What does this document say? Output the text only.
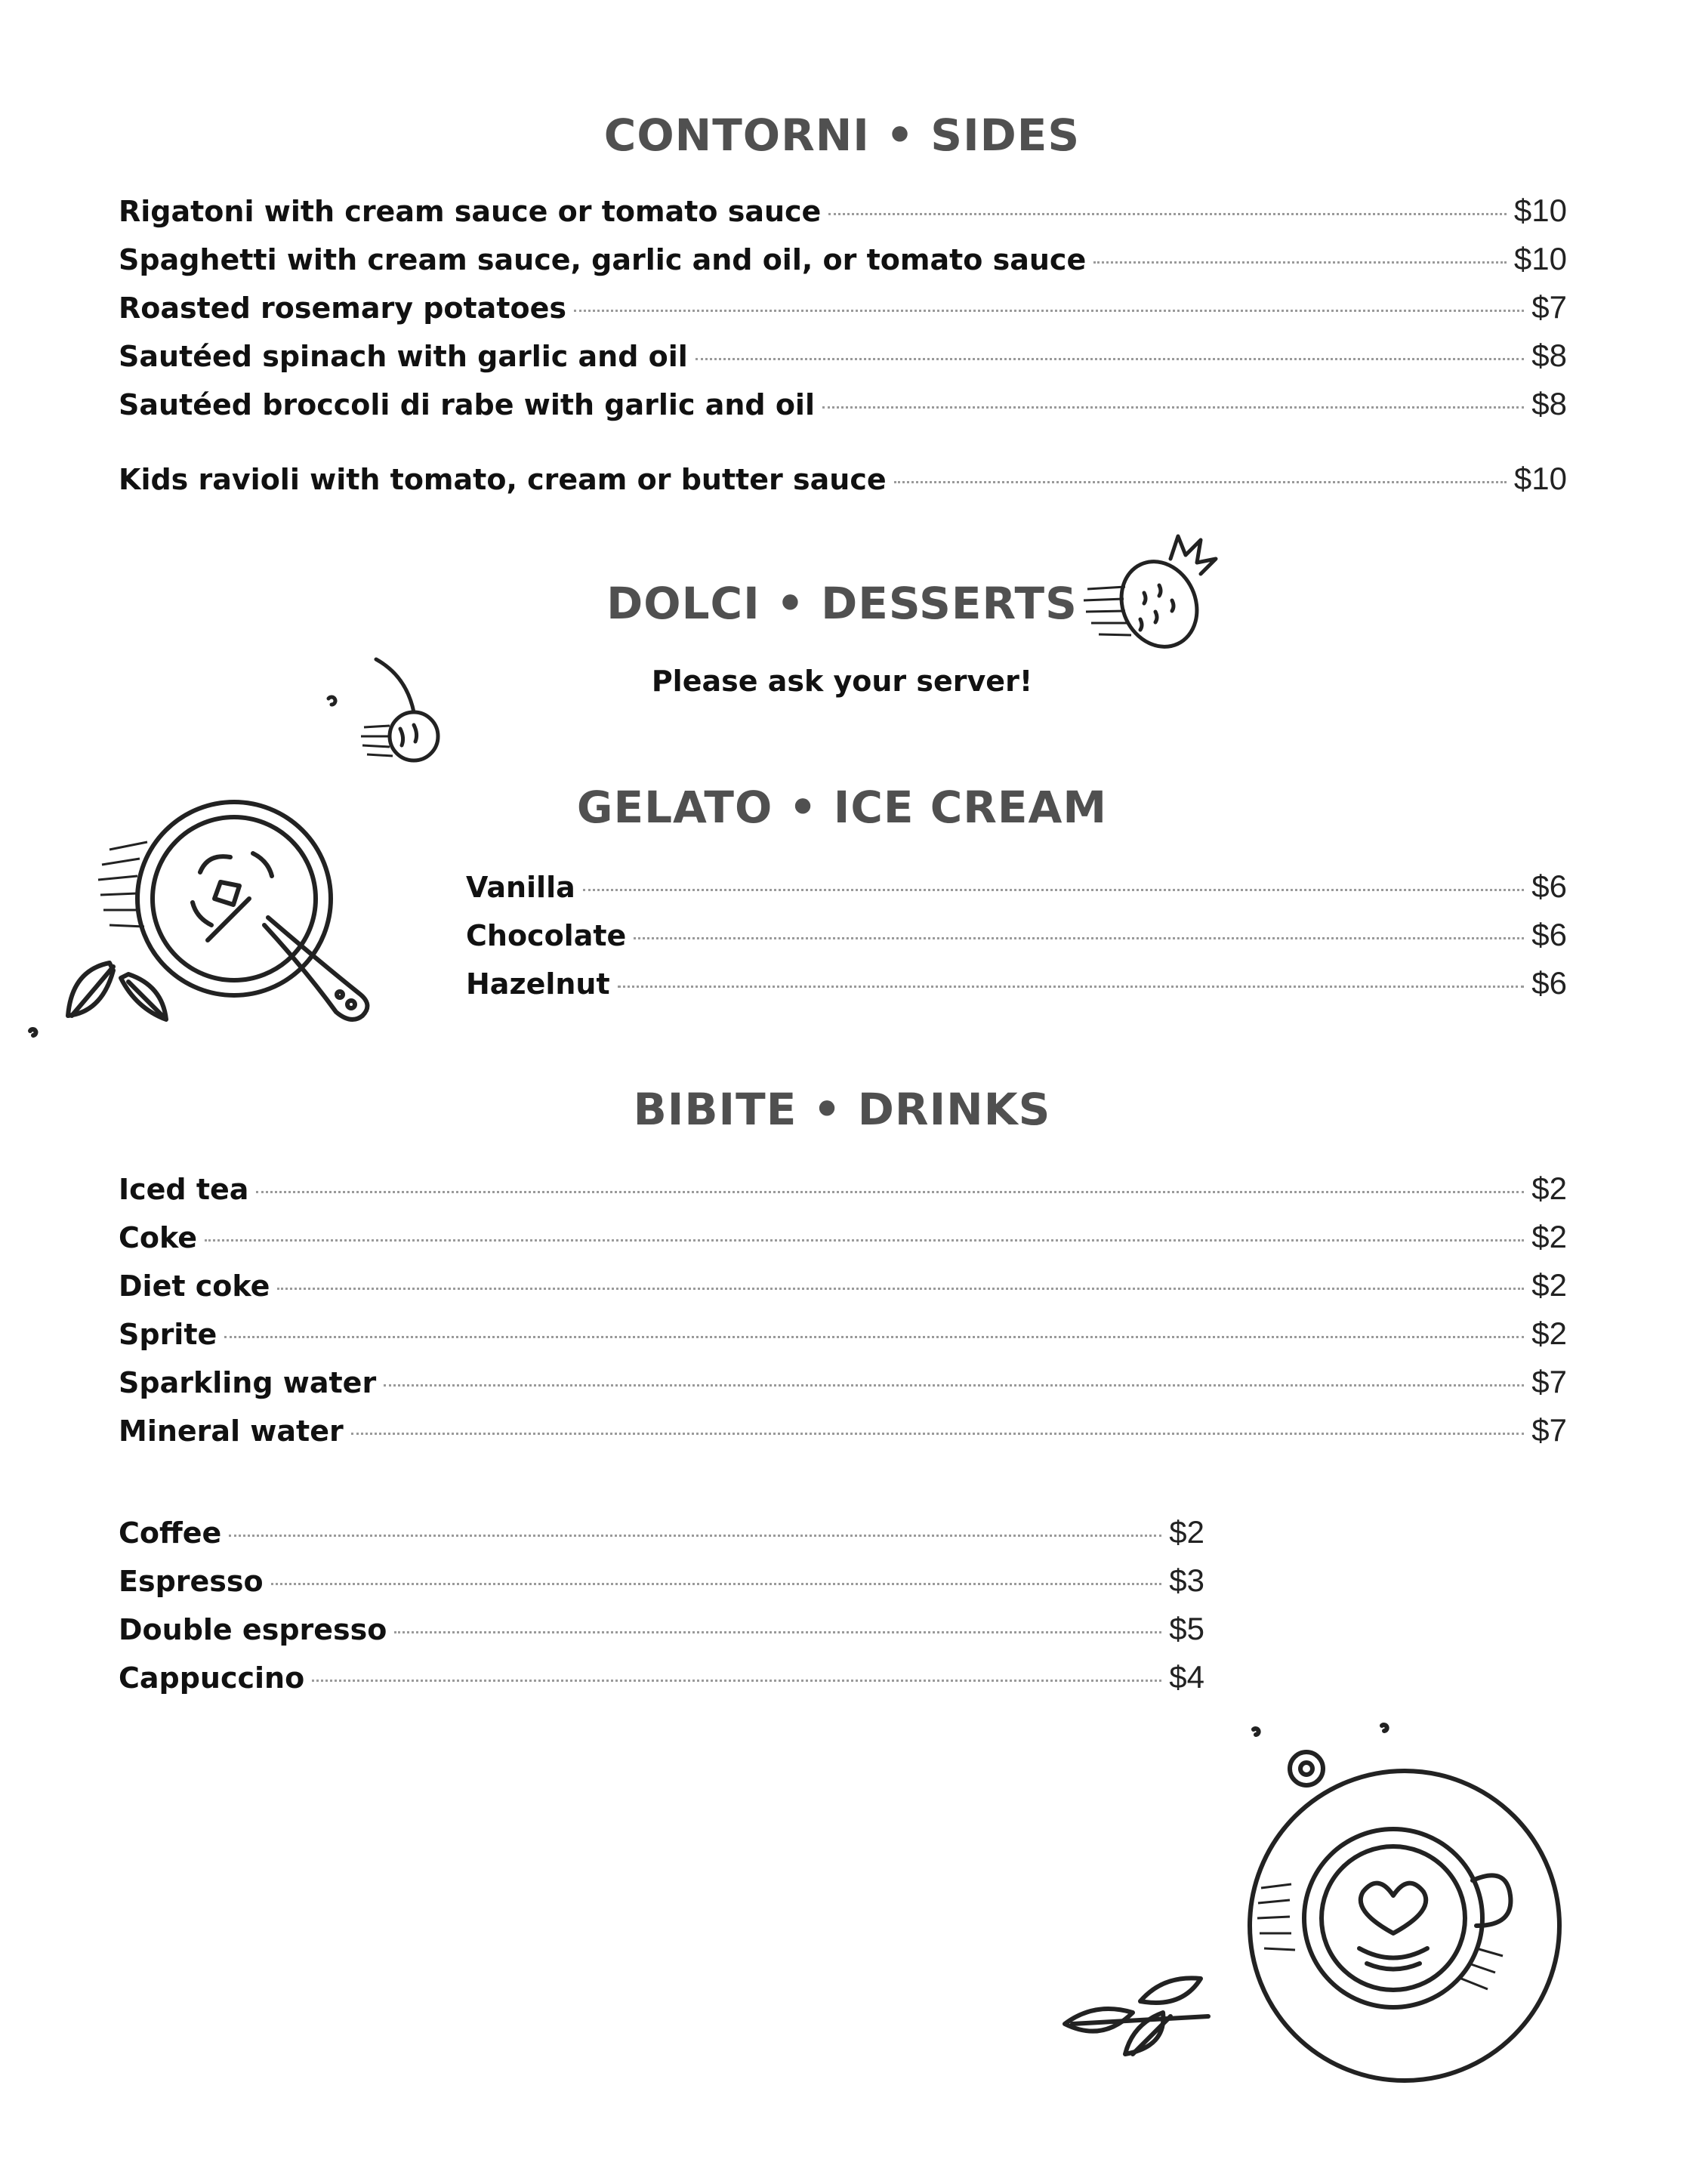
CONTORNI • SIDES
Rigatoni with cream sauce or tomato sauce	$10
Spaghetti with cream sauce, garlic and oil, or tomato sauce	$10
Roasted rosemary potatoes	$7
Sautéed spinach with garlic and oil	$8
Sautéed broccoli di rabe with garlic and oil	$8
Kids ravioli with tomato, cream or butter sauce	$10
DOLCI • DESSERTS
Please ask your server!
GELATO • ICE CREAM
Vanilla	$6
Chocolate	$6
Hazelnut	$6
BIBITE • DRINKS
Iced tea	$2
Coke	$2
Diet coke	$2
Sprite	$2
Sparkling water	$7
Mineral water	$7
Coffee	$2
Espresso	$3
Double espresso	$5
Cappuccino	$4
